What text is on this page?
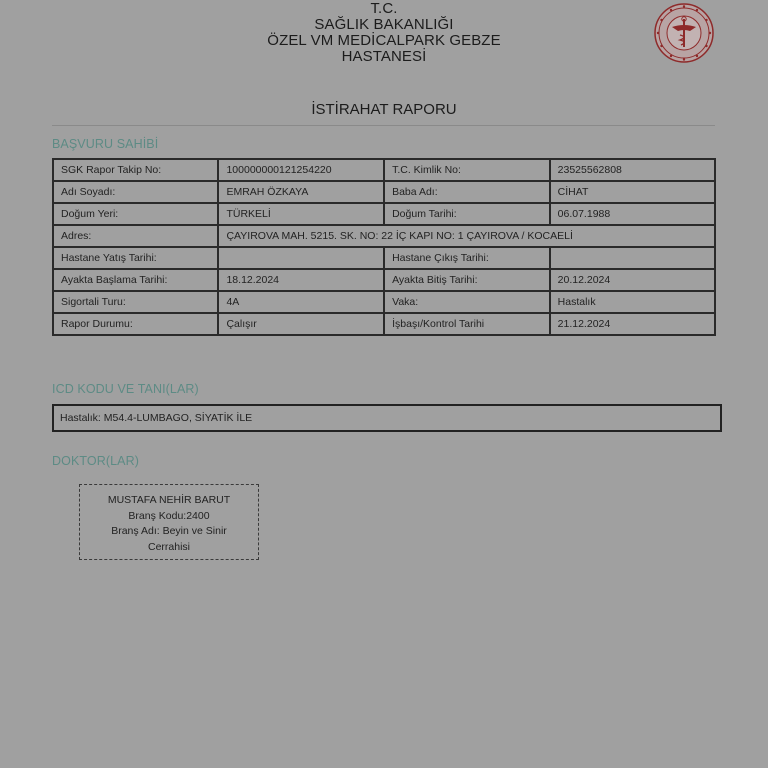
T.C.
SAĞLIK BAKANLIĞI
ÖZEL VM MEDİCALPARK GEBZE
HASTANESİ
İSTİRAHAT RAPORU
BAŞVURU SAHİBİ
SGK Rapor Takip No:	100000000121254220	T.C. Kimlik No:	23525562808
Adı Soyadı:	EMRAH ÖZKAYA	Baba Adı:	CİHAT
Doğum Yeri:	TÜRKELİ	Doğum Tarihi:	06.07.1988
Adres:	ÇAYIROVA MAH. 5215. SK. NO: 22 İÇ KAPI NO: 1 ÇAYIROVA / KOCAELİ		
Hastane Yatış Tarihi:		Hastane Çıkış Tarihi:	
Ayakta Başlama Tarihi:	18.12.2024	Ayakta Bitiş Tarihi:	20.12.2024
Sigortali Turu:	4A	Vaka:	Hastalık
Rapor Durumu:	Çalışır	İşbaşı/Kontrol Tarihi	21.12.2024
ICD KODU VE TANI(LAR)
Hastalık: M54.4-LUMBAGO, SİYATİK İLE
DOKTOR(LAR)
MUSTAFA NEHİR BARUT
Branş Kodu:2400
Branş Adı: Beyin ve Sinir Cerrahisi
